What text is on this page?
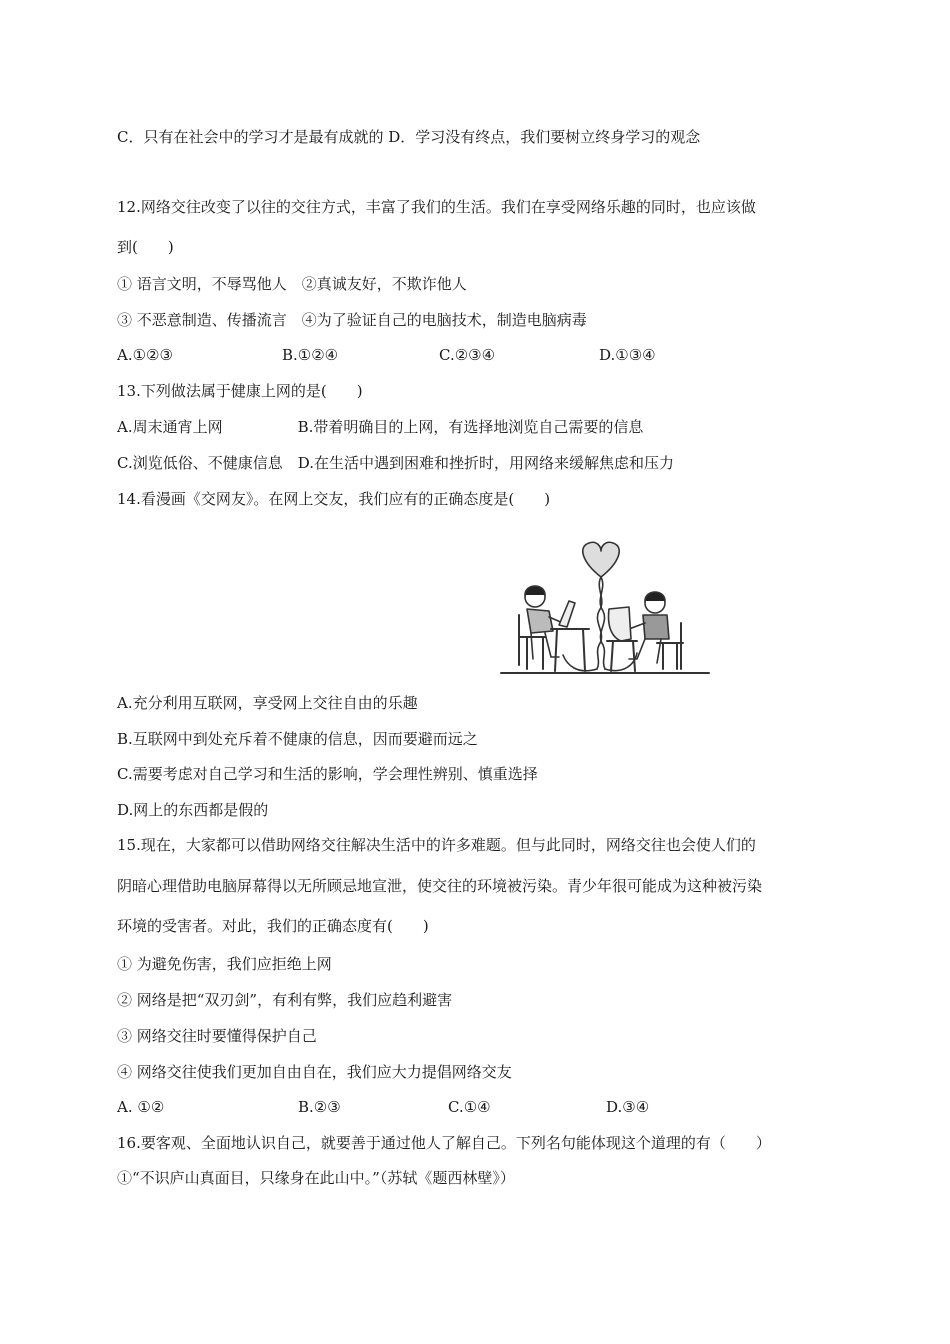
C．只有在社会中的学习才是最有成就的 D．学习没有终点，我们要树立终身学习的观念
12.网络交往改变了以往的交往方式，丰富了我们的生活。我们在享受网络乐趣的同时，也应该做
到(　　)
① 语言文明，不辱骂他人　②真诚友好，不欺诈他人
③ 不恶意制造、传播流言　④为了验证自己的电脑技术，制造电脑病毒
A.①②③	B.①②④	C.②③④	D.①③④
13.下列做法属于健康上网的是(　　)
A.周末通宵上网　　　　　B.带着明确目的上网，有选择地浏览自己需要的信息
C.浏览低俗、不健康信息　D.在生活中遇到困难和挫折时，用网络来缓解焦虑和压力
14.看漫画《交网友》。在网上交友，我们应有的正确态度是(　　)
A.充分利用互联网，享受网上交往自由的乐趣
B.互联网中到处充斥着不健康的信息，因而要避而远之
C.需要考虑对自己学习和生活的影响，学会理性辨别、慎重选择
D.网上的东西都是假的
15.现在，大家都可以借助网络交往解决生活中的许多难题。但与此同时，网络交往也会使人们的
阴暗心理借助电脑屏幕得以无所顾忌地宣泄，使交往的环境被污染。青少年很可能成为这种被污染
环境的受害者。对此，我们的正确态度有(　　)
① 为避免伤害，我们应拒绝上网
② 网络是把“双刃剑”，有利有弊，我们应趋利避害
③ 网络交往时要懂得保护自己
④ 网络交往使我们更加自由自在，我们应大力提倡网络交友
A. ①②	B.②③	C.①④	D.③④
16.要客观、全面地认识自己，就要善于通过他人了解自己。下列名句能体现这个道理的有（　　）
①“不识庐山真面目，只缘身在此山中。”（苏轼《题西林壁》）
